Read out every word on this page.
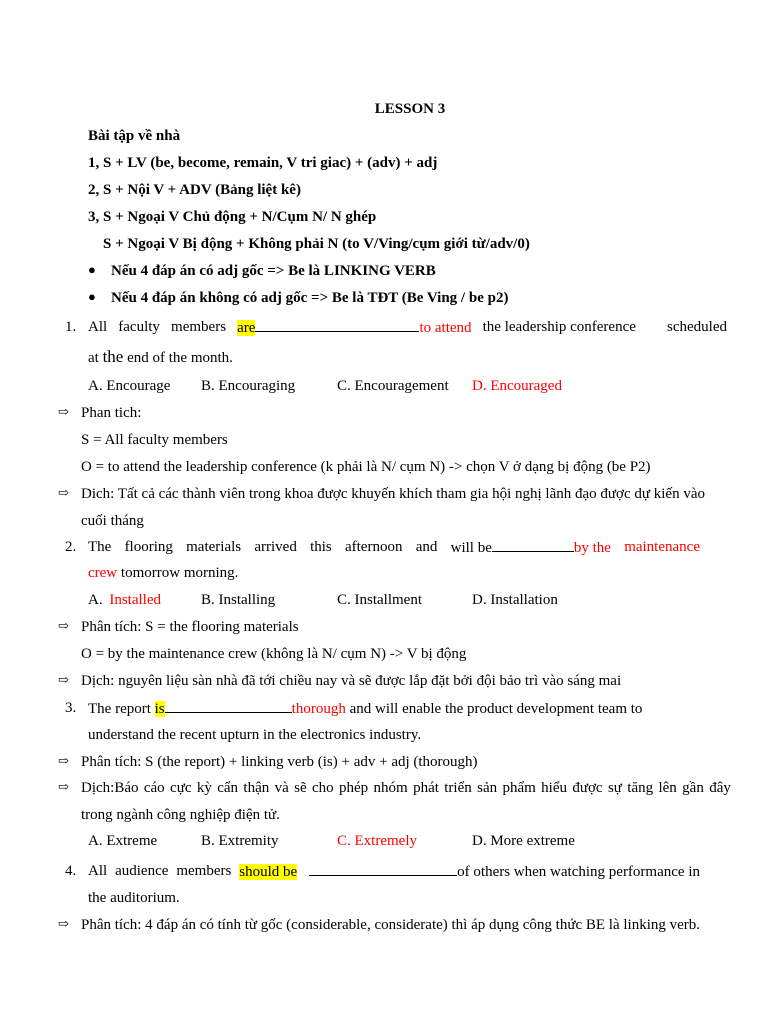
LESSON 3
Bài tập về nhà
1, S + LV (be, become, remain, V tri giac) + (adv) + adj
2, S + Nội V + ADV (Bảng liệt kê)
3, S + Ngoại V Chủ động + N/Cụm N/ N ghép
S + Ngoại V Bị động + Không phải N (to V/Ving/cụm giới từ/adv/0)
● Nếu 4 đáp án có adj gốc => Be là LINKING VERB
● Nếu 4 đáp án không có adj gốc => Be là TĐT (Be Ving / be p2)
1. All faculty members are	to attend the leadership conference scheduled
at the end of the month.
A. Encourage B. Encouraging	C. Encouragement D. Encouraged
⇨ Phan tich:
S = All faculty members
O = to attend the leadership conference (k phải là N/ cụm N) -> chọn V ở dạng bị động (be P2)
⇨ Dich: Tất cả các thành viên trong khoa được khuyến khích tham gia hội nghị lãnh đạo được dự kiến vào
cuối tháng
2. The flooring materials arrived this afternoon and will be	by the maintenance
crew tomorrow morning.
A. Installed	B. Installing	C. Installment	D. Installation
⇨ Phân tích: S = the flooring materials
O = by the maintenance crew (không là N/ cụm N) -> V bị động
⇨ Dịch: nguyên liệu sàn nhà đã tới chiều nay và sẽ được lắp đặt bởi đội bảo trì vào sáng mai
3. The report is	thorough and will enable the product development team to
understand the recent upturn in the electronics industry.
⇨ Phân tích: S (the report) + linking verb (is) + adv + adj (thorough)
⇨ Dịch:Báo cáo cực kỳ cẩn thận và sẽ cho phép nhóm phát triển sản phẩm hiểu được sự tăng lên gần đây
trong ngành công nghiệp điện tử.
A. Extreme	B. Extremity	C. Extremely	D. More extreme
4. All audience members should be	of others when watching performance in
the auditorium.
⇨ Phân tích: 4 đáp án có tính từ gốc (considerable, considerate) thì áp dụng công thức BE là linking verb.
